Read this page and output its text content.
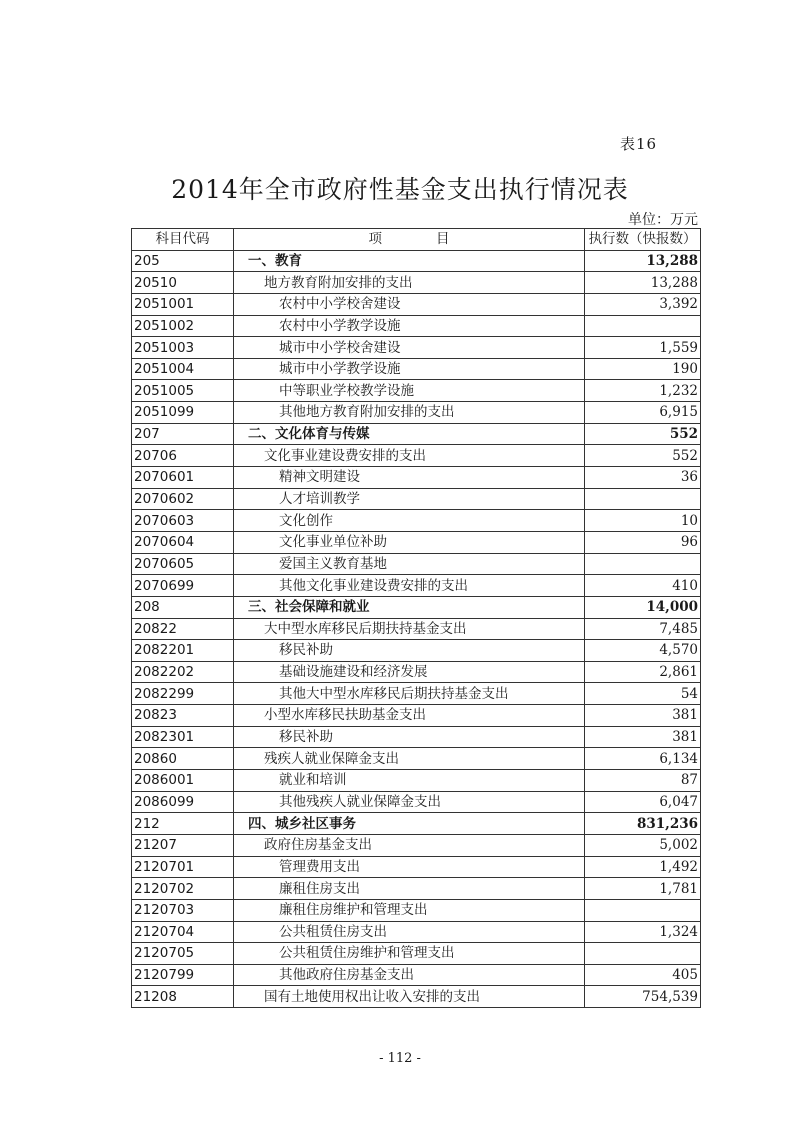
表16
2014年全市政府性基金支出执行情况表
单位：万元
科目代码	项　　　　目	执行数（快报数）
205	一、教育	13,288
20510	地方教育附加安排的支出	13,288
2051001	农村中小学校舍建设	3,392
2051002	农村中小学教学设施	
2051003	城市中小学校舍建设	1,559
2051004	城市中小学教学设施	190
2051005	中等职业学校教学设施	1,232
2051099	其他地方教育附加安排的支出	6,915
207	二、文化体育与传媒	552
20706	文化事业建设费安排的支出	552
2070601	精神文明建设	36
2070602	人才培训教学	
2070603	文化创作	10
2070604	文化事业单位补助	96
2070605	爱国主义教育基地	
2070699	其他文化事业建设费安排的支出	410
208	三、社会保障和就业	14,000
20822	大中型水库移民后期扶持基金支出	7,485
2082201	移民补助	4,570
2082202	基础设施建设和经济发展	2,861
2082299	其他大中型水库移民后期扶持基金支出	54
20823	小型水库移民扶助基金支出	381
2082301	移民补助	381
20860	残疾人就业保障金支出	6,134
2086001	就业和培训	87
2086099	其他残疾人就业保障金支出	6,047
212	四、城乡社区事务	831,236
21207	政府住房基金支出	5,002
2120701	管理费用支出	1,492
2120702	廉租住房支出	1,781
2120703	廉租住房维护和管理支出	
2120704	公共租赁住房支出	1,324
2120705	公共租赁住房维护和管理支出	
2120799	其他政府住房基金支出	405
21208	国有土地使用权出让收入安排的支出	754,539
- 112 -
